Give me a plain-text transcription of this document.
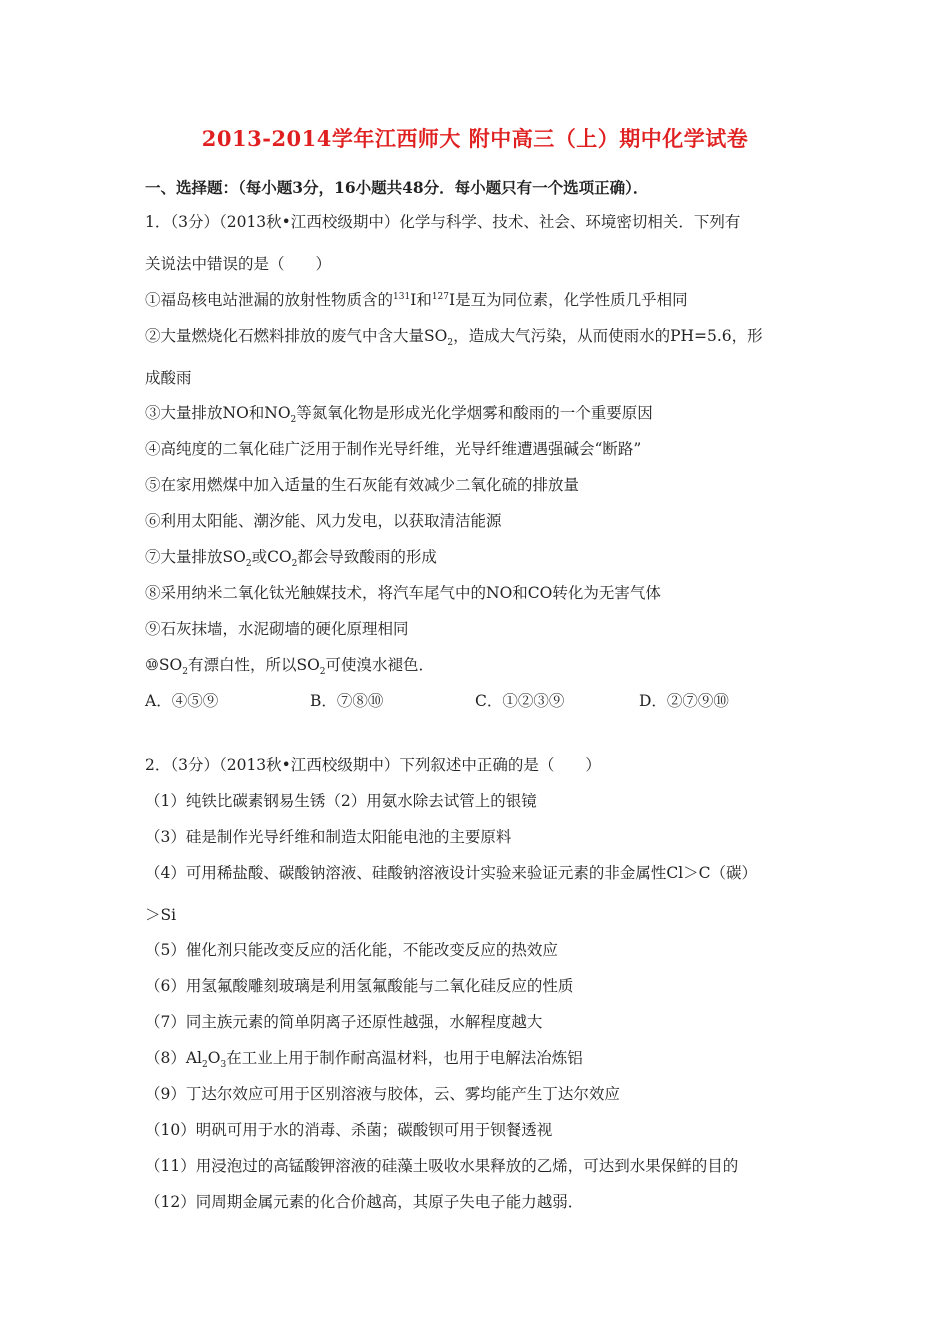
2013-2014学年江西师大 附中高三（上）期中化学试卷
一、选择题：（每小题3分，16小题共48分．每小题只有一个选项正确）．
1．（3分）（2013秋•江西校级期中）化学与科学、技术、社会、环境密切相关．下列有
关说法中错误的是（　　）
①福岛核电站泄漏的放射性物质含的$^{131}$I和$^{127}$I是互为同位素，化学性质几乎相同
②大量燃烧化石燃料排放的废气中含大量$SO_2$，造成大气污染，从而使雨水的PH=5.6，形
成酸雨
③大量排放NO和$NO_2$等氮氧化物是形成光化学烟雾和酸雨的一个重要原因
④高纯度的二氧化硅广泛用于制作光导纤维，光导纤维遭遇强碱会“断路”
⑤在家用燃煤中加入适量的生石灰能有效减少二氧化硫的排放量
⑥利用太阳能、潮汐能、风力发电，以获取清洁能源
⑦大量排放$SO_2$或$CO_2$都会导致酸雨的形成
⑧采用纳米二氧化钛光触媒技术，将汽车尾气中的NO和CO转化为无害气体
⑨石灰抹墙，水泥砌墙的硬化原理相同
$⑩SO_2$有漂白性，所以$SO_2$可使溴水褪色．
A．④⑤⑨	B．⑦⑧⑩	C．①②③⑨	D．②⑦⑨⑩
2．（3分）（2013秋•江西校级期中）下列叙述中正确的是（　　）
（1）纯铁比碳素钢易生锈（2）用氨水除去试管上的银镜
（3）硅是制作光导纤维和制造太阳能电池的主要原料
（4）可用稀盐酸、碳酸钠溶液、硅酸钠溶液设计实验来验证元素的非金属性Cl＞C（碳）
＞Si
（5）催化剂只能改变反应的活化能，不能改变反应的热效应
（6）用氢氟酸雕刻玻璃是利用氢氟酸能与二氧化硅反应的性质
（7）同主族元素的简单阴离子还原性越强，水解程度越大
$(8)Al_2O_3$在工业上用于制作耐高温材料，也用于电解法冶炼铝
（9）丁达尔效应可用于区别溶液与胶体，云、雾均能产生丁达尔效应
（10）明矾可用于水的消毒、杀菌；碳酸钡可用于钡餐透视
（11）用浸泡过的高锰酸钾溶液的硅藻土吸收水果释放的乙烯，可达到水果保鲜的目的
（12）同周期金属元素的化合价越高，其原子失电子能力越弱．
